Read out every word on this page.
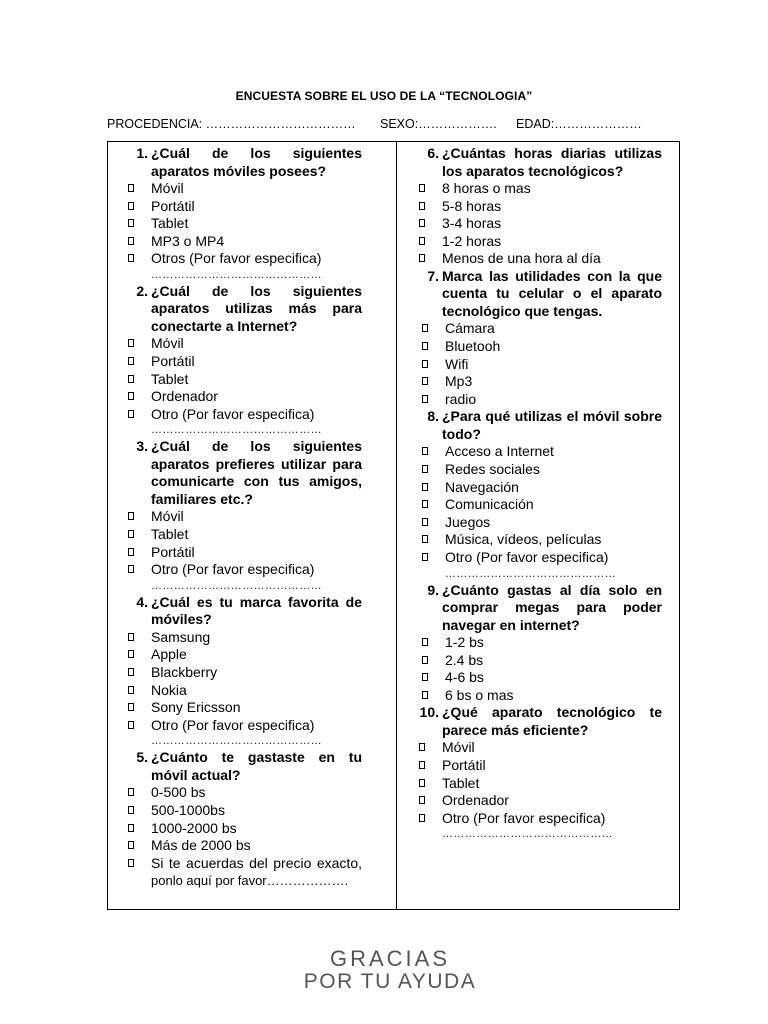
ENCUESTA SOBRE EL USO DE LA “TECNOLOGIA”
PROCEDENCIA: ……………………………… SEXO:………………. EDAD:…………………
1. ¿Cuál de los siguientes aparatos móviles posees?
Móvil
Portátil
Tablet
MP3 o MP4
Otros (Por favor especifica)
………………………………………
2. ¿Cuál de los siguientes aparatos utilizas más para conectarte a Internet?
Móvil
Portátil
Tablet
Ordenador
Otro (Por favor especifica)
………………………………………
3. ¿Cuál de los siguientes aparatos prefieres utilizar para comunicarte con tus amigos, familiares etc.?
Móvil
Tablet
Portátil
Otro (Por favor especifica)
………………………………………
4. ¿Cuál es tu marca favorita de móviles?
Samsung
Apple
Blackberry
Nokia
Sony Ericsson
Otro (Por favor especifica)
………………………………………
5. ¿Cuánto te gastaste en tu móvil actual?
0-500 bs
500-1000bs
1000-2000 bs
Más de 2000 bs
Si te acuerdas del precio exacto,
ponlo aquí por favor……………….
6. ¿Cuántas horas diarias utilizas los aparatos tecnológicos?
8 horas o mas
5-8 horas
3-4 horas
1-2 horas
Menos de una hora al día
7. Marca las utilidades con la que cuenta tu celular o el aparato tecnológico que tengas.
Cámara
Bluetooh
Wifi
Mp3
radio
8. ¿Para qué utilizas el móvil sobre todo?
Acceso a Internet
Redes sociales
Navegación
Comunicación
Juegos
Música, vídeos, películas
Otro (Por favor especifica)
………………………………………
9. ¿Cuánto gastas al día solo en comprar megas para poder navegar en internet?
1-2 bs
2.4 bs
4-6 bs
6 bs o mas
10. ¿Qué aparato tecnológico te parece más eficiente?
Móvil
Portátil
Tablet
Ordenador
Otro (Por favor especifica)
………………………………………
GRACIAS
POR TU AYUDA
